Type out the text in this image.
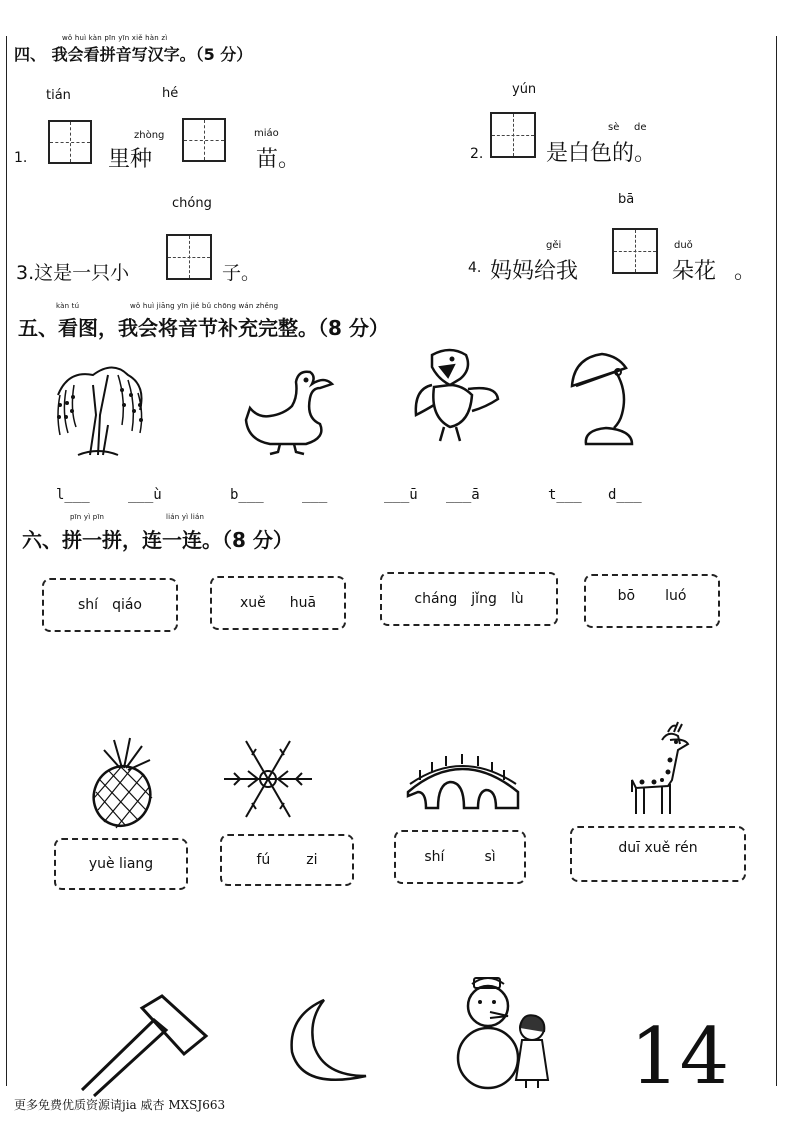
wǒ huì kàn pīn yīn xiě hàn zì
四、 我会看拼音写汉字。（5 分）
tián	hé
1.
zhòng
里种
miáo
苗。
yún
2.
sè de
是白色的。
chóng
3.这是一只小	子。
bā
gěi
4. 妈妈给我
duǒ
朵花 。
kàn tú	wǒ huì jiāng yīn jié bǔ chōng wán zhěng
五、看图，我会将音节补充完整。（8 分）
l___	___ù	b___	___	___ū ___ā	t___ d___
pīn yì pīn	lián yì lián
六、拼一拼，连一连。（8 分）
shí qiáo	xuě huā	cháng jǐng lù	bō luó
yuè liang	fú	zi	shí	sì
duī xuě rén
更多免费优质资源请jia 威杏 MXSJ663
14
